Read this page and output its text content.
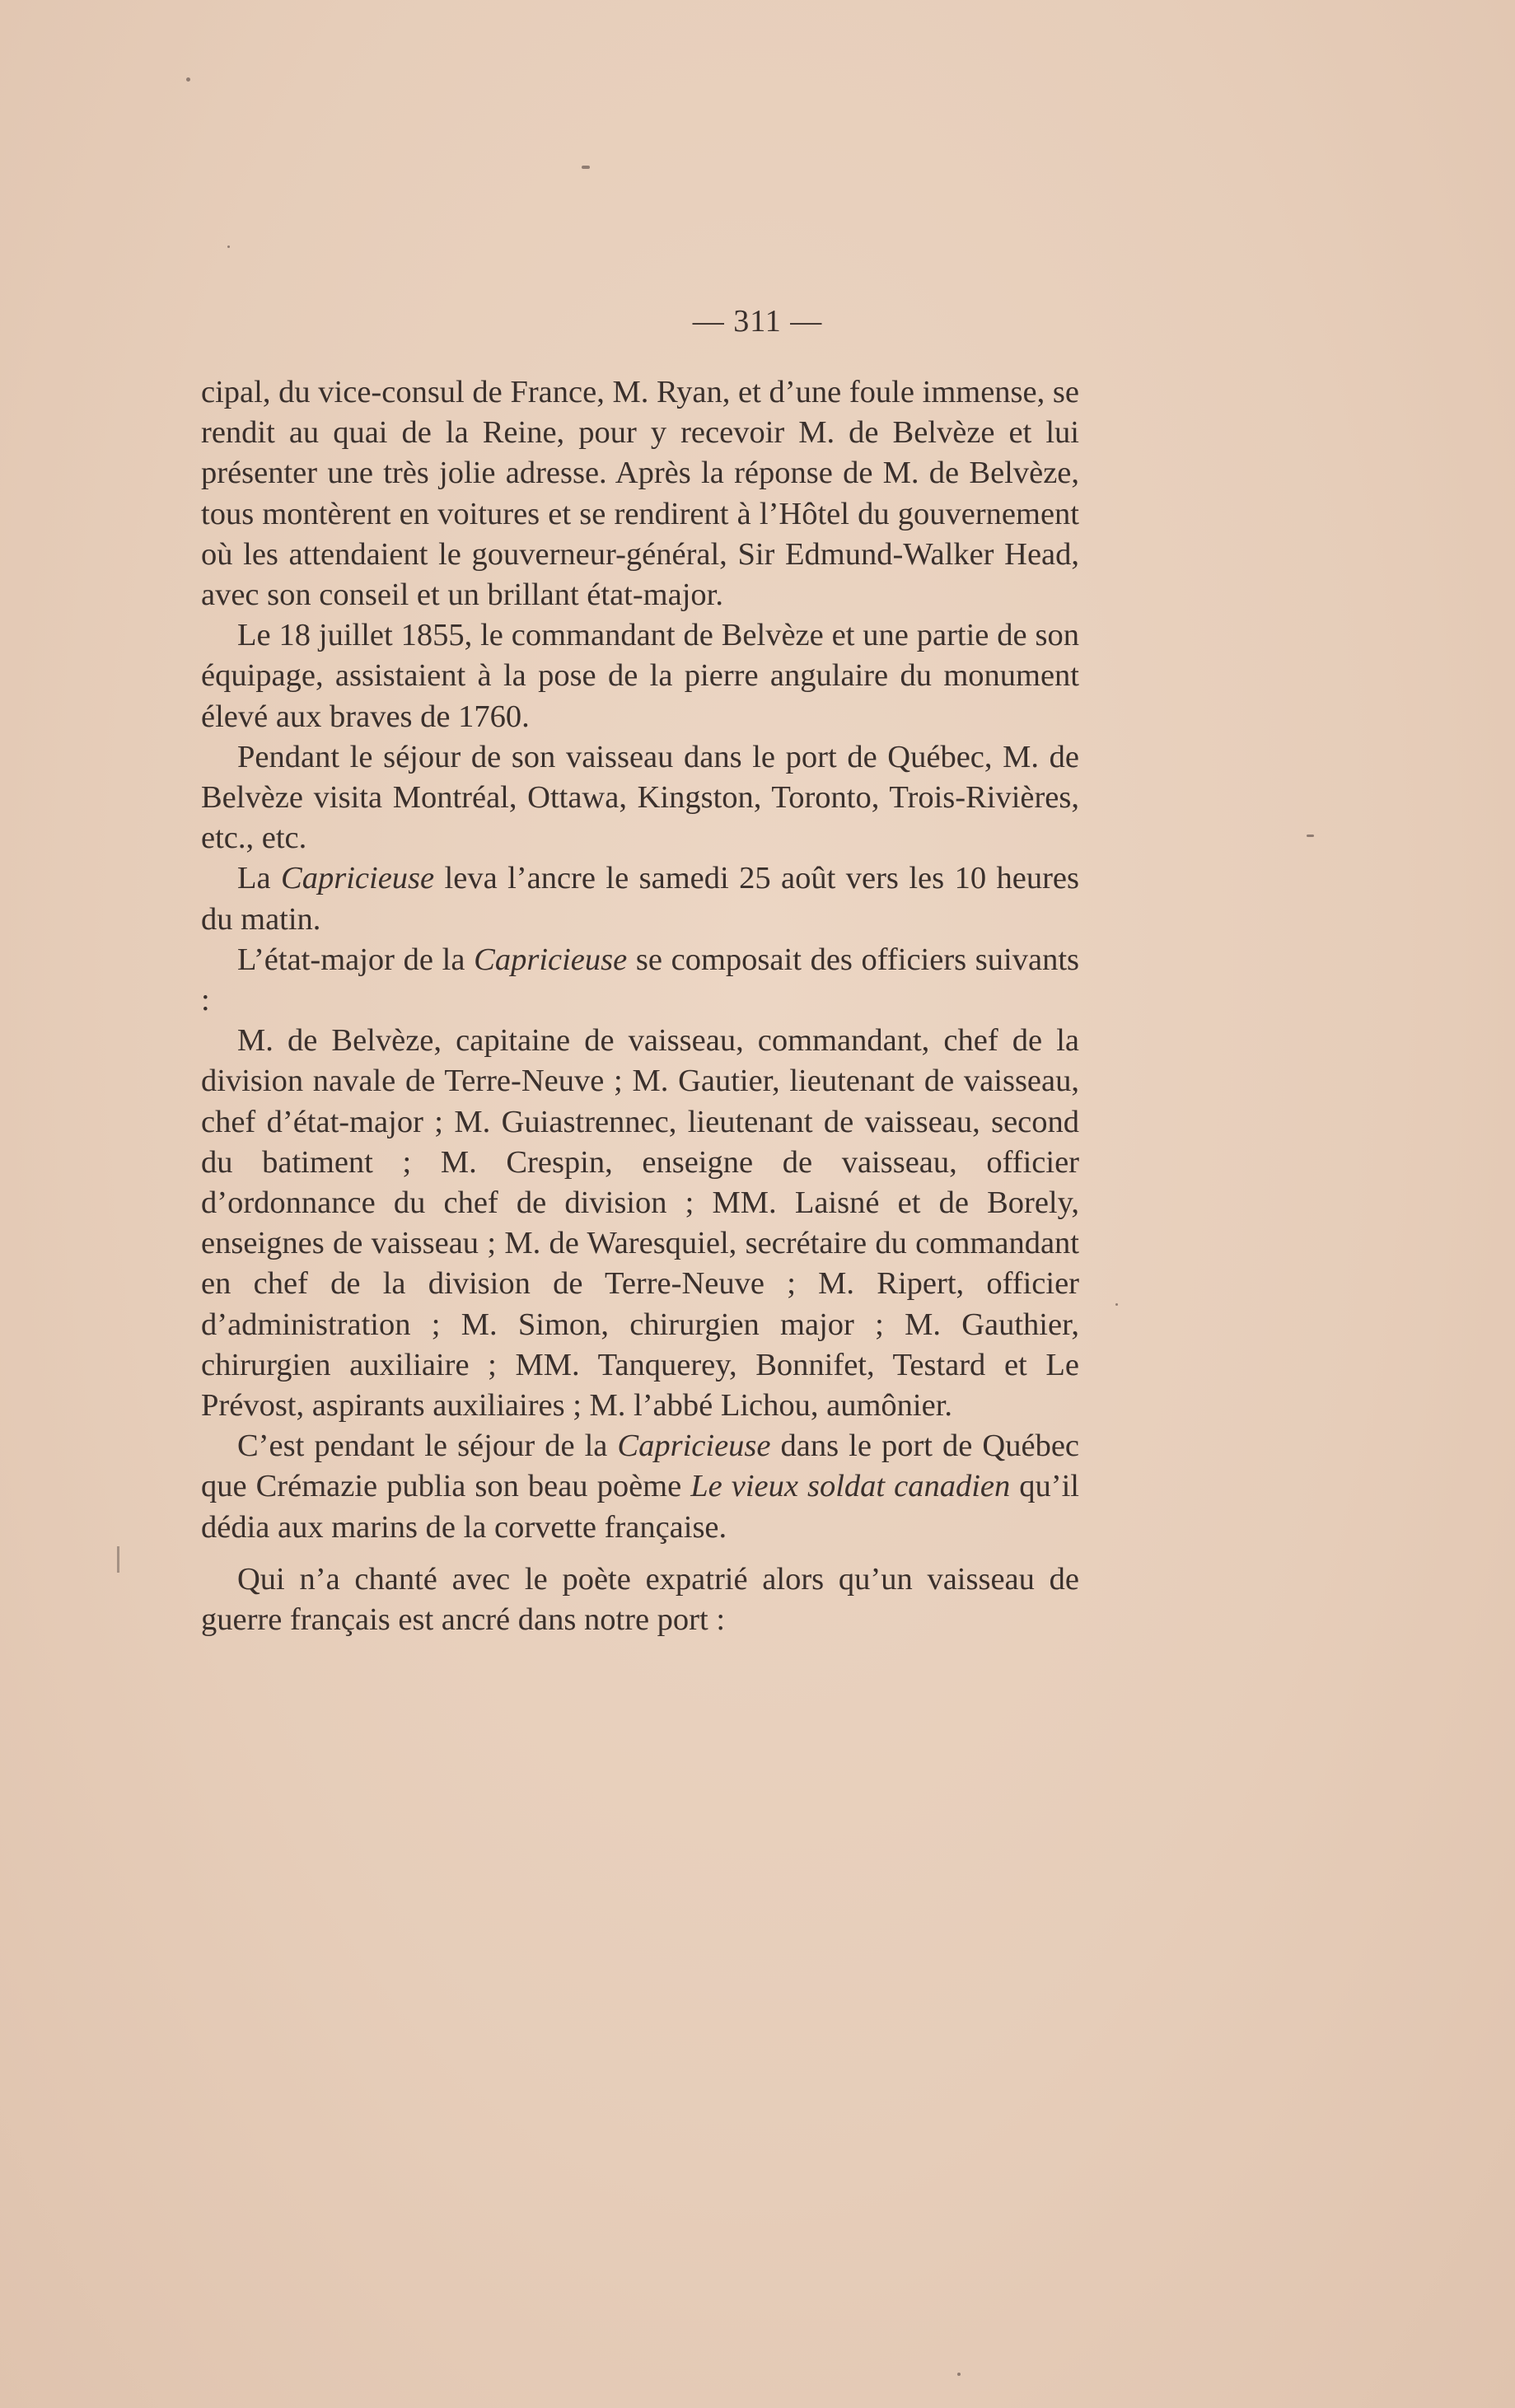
— 311 —

cipal, du vice-consul de France, M. Ryan, et d’une foule immense, se rendit au quai de la Reine, pour y recevoir M. de Belvèze et lui présenter une très jolie adresse. Après la réponse de M. de Belvèze, tous montèrent en voitures et se rendirent à l’Hôtel du gouvernement où les attendaient le gouverneur-général, Sir Edmund-Walker Head, avec son conseil et un brillant état-major.

Le 18 juillet 1855, le commandant de Belvèze et une partie de son équipage, assistaient à la pose de la pierre angulaire du monument élevé aux braves de 1760.

Pendant le séjour de son vaisseau dans le port de Québec, M. de Belvèze visita Montréal, Ottawa, Kingston, Toronto, Trois-Rivières, etc., etc.

La Capricieuse leva l’ancre le samedi 25 août vers les 10 heures du matin.

L’état-major de la Capricieuse se composait des officiers suivants :

M. de Belvèze, capitaine de vaisseau, commandant, chef de la division navale de Terre-Neuve ; M. Gautier, lieutenant de vaisseau, chef d’état-major ; M. Guiastrennec, lieutenant de vaisseau, second du batiment ; M. Crespin, enseigne de vaisseau, officier d’ordonnance du chef de division ; MM. Laisné et de Borely, enseignes de vaisseau ; M. de Waresquiel, secrétaire du commandant en chef de la division de Terre-Neuve ; M. Ripert, officier d’administration ; M. Simon, chirurgien major ; M. Gauthier, chirurgien auxiliaire ; MM. Tanquerey, Bonnifet, Testard et Le Prévost, aspirants auxiliaires ; M. l’abbé Lichou, aumônier.

C’est pendant le séjour de la Capricieuse dans le port de Québec que Crémazie publia son beau poème Le vieux soldat canadien qu’il dédia aux marins de la corvette française.

Qui n’a chanté avec le poète expatrié alors qu’un vaisseau de guerre français est ancré dans notre port :
